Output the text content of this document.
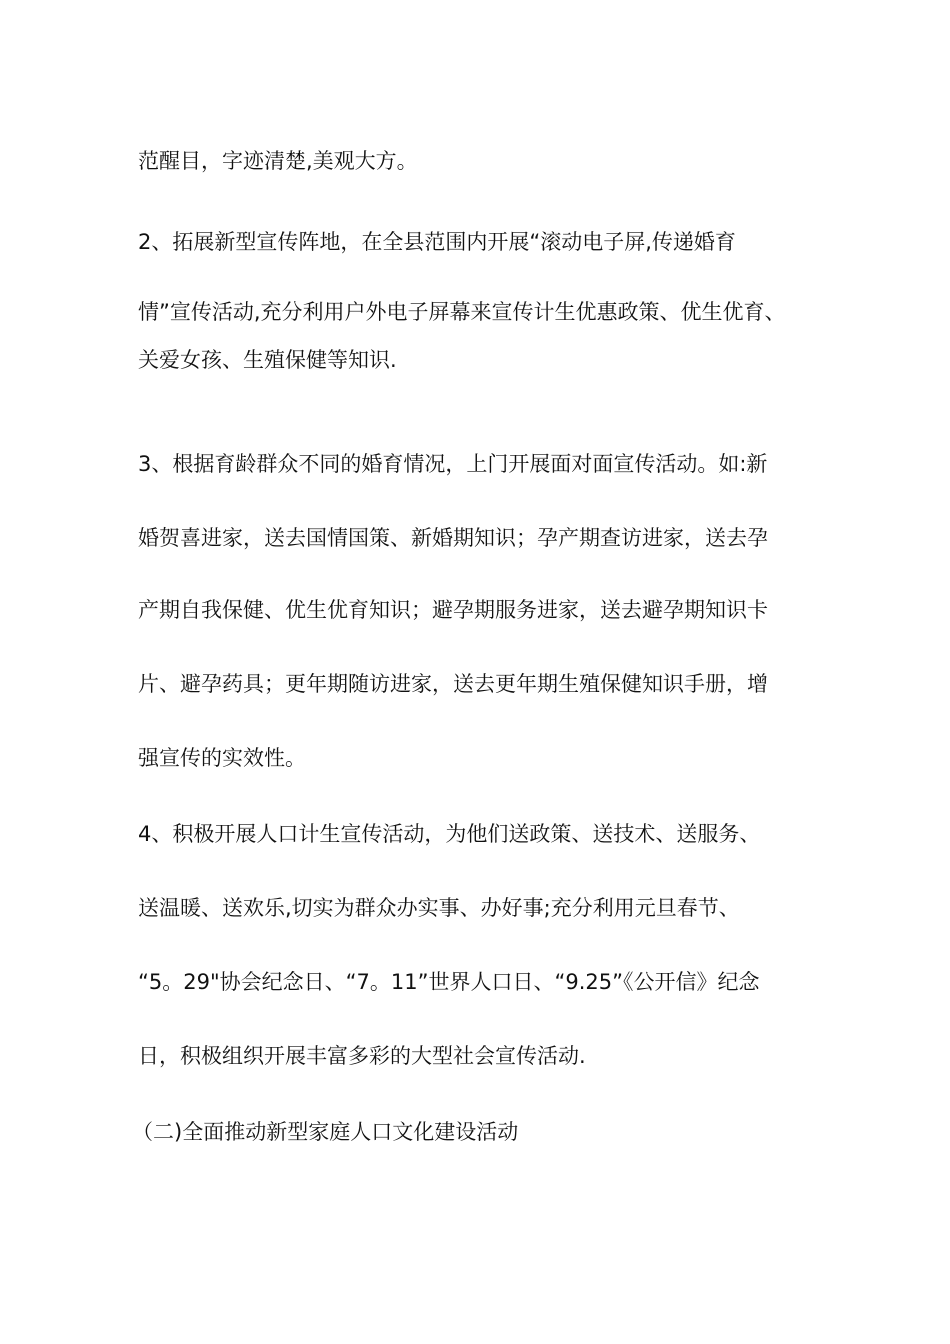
范醒目，字迹清楚,美观大方。
2、拓展新型宣传阵地，在全县范围内开展“滚动电子屏,传递婚育
情”宣传活动,充分利用户外电子屏幕来宣传计生优惠政策、优生优育、
关爱女孩、生殖保健等知识.
3、根据育龄群众不同的婚育情况，上门开展面对面宣传活动。如:新
婚贺喜进家，送去国情国策、新婚期知识；孕产期查访进家，送去孕
产期自我保健、优生优育知识；避孕期服务进家，送去避孕期知识卡
片、避孕药具；更年期随访进家，送去更年期生殖保健知识手册，增
强宣传的实效性。
4、积极开展人口计生宣传活动，为他们送政策、送技术、送服务、
送温暖、送欢乐,切实为群众办实事、办好事;充分利用元旦春节、
“5。29"协会纪念日、“7。11”世界人口日、“9.25”《公开信》纪念
日，积极组织开展丰富多彩的大型社会宣传活动.
（二)全面推动新型家庭人口文化建设活动
